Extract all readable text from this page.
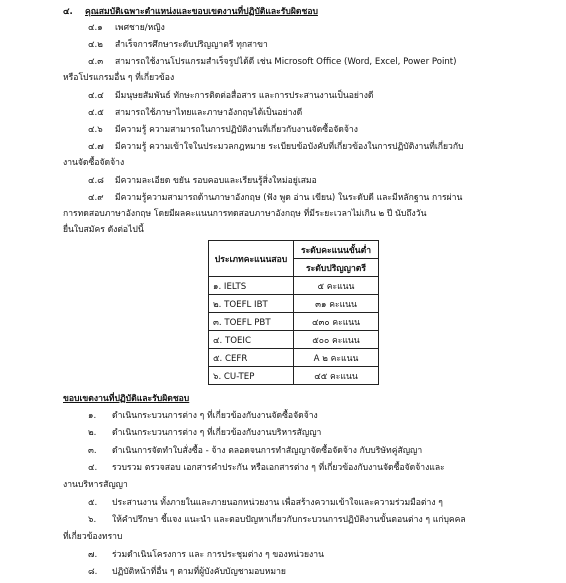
๔. คุณสมบัติเฉพาะตำแหน่งและขอบเขตงานที่ปฏิบัติและรับผิดชอบ
๔.๑ เพศชาย/หญิง
๔.๒ สำเร็จการศึกษาระดับปริญญาตรี ทุกสาขา
๔.๓ สามารถใช้งานโปรแกรมสำเร็จรูปได้ดี เช่น Microsoft Office (Word, Excel, Power Point)
หรือโปรแกรมอื่น ๆ ที่เกี่ยวข้อง
๔.๔ มีมนุษยสัมพันธ์ ทักษะการติดต่อสื่อสาร และการประสานงานเป็นอย่างดี
๔.๕ สามารถใช้ภาษาไทยและภาษาอังกฤษได้เป็นอย่างดี
๔.๖ มีความรู้ ความสามารถในการปฏิบัติงานที่เกี่ยวกับงานจัดซื้อจัดจ้าง
๔.๗ มีความรู้ ความเข้าใจในประมวลกฎหมาย ระเบียบข้อบังคับที่เกี่ยวข้องในการปฏิบัติงานที่เกี่ยวกับ
งานจัดซื้อจัดจ้าง
๔.๘ มีความละเอียด ขยัน รอบคอบและเรียนรู้สิ่งใหม่อยู่เสมอ
๔.๙ มีความรู้ความสามารถด้านภาษาอังกฤษ (ฟัง พูด อ่าน เขียน) ในระดับดี และมีหลักฐาน การผ่าน
การทดสอบภาษาอังกฤษ โดยมีผลคะแนนการทดสอบภาษาอังกฤษ ที่มีระยะเวลาไม่เกิน ๒ ปี นับถึงวัน
ยื่นใบสมัคร ดังต่อไปนี้
ประเภทคะแนนสอบ	ระดับคะแนนขั้นต่ำ
	ระดับปริญญาตรี
๑. IELTS	๕ คะแนน
๒. TOEFL IBT	๓๑ คะแนน
๓. TOEFL PBT	๔๓๐ คะแนน
๔. TOEIC	๕๐๐ คะแนน
๕. CEFR	A ๒ คะแนน
๖. CU-TEP	๔๕ คะแนน
ขอบเขตงานที่ปฏิบัติและรับผิดชอบ
๑. ดำเนินกระบวนการต่าง ๆ ที่เกี่ยวข้องกับงานจัดซื้อจัดจ้าง
๒. ดำเนินกระบวนการต่าง ๆ ที่เกี่ยวข้องกับงานบริหารสัญญา
๓. ดำเนินการจัดทำใบสั่งซื้อ - จ้าง ตลอดจนการทำสัญญาจัดซื้อจัดจ้าง กับบริษัทคู่สัญญา
๔. รวบรวม ตรวจสอบ เอกสารคำประกัน หรือเอกสารต่าง ๆ ที่เกี่ยวข้องกับงานจัดซื้อจัดจ้างและ
งานบริหารสัญญา
๕. ประสานงาน ทั้งภายในและภายนอกหน่วยงาน เพื่อสร้างความเข้าใจและความร่วมมือต่าง ๆ
๖. ให้คำปรึกษา ชี้แจง แนะนำ และตอบปัญหาเกี่ยวกับกระบวนการปฏิบัติงานขั้นตอนต่าง ๆ แก่บุคคล
ที่เกี่ยวข้องทราบ
๗. ร่วมดำเนินโครงการ และ การประชุมต่าง ๆ ของหน่วยงาน
๘. ปฏิบัติหน้าที่อื่น ๆ ตามที่ผู้บังคับบัญชามอบหมาย
